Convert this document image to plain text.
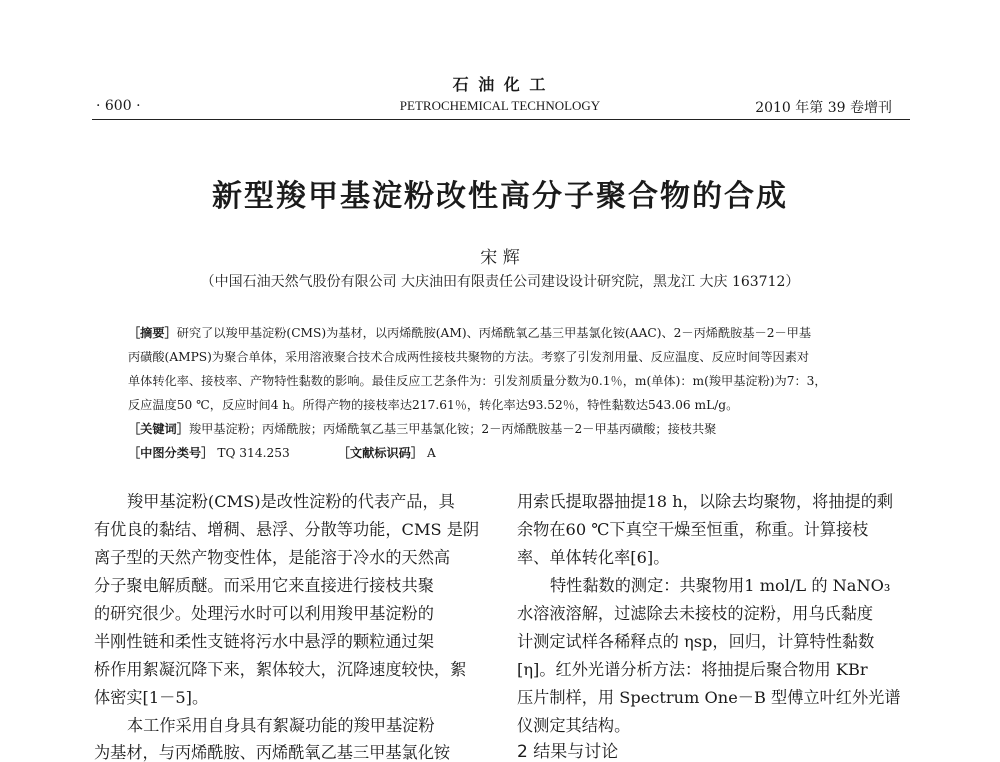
石 油 化 工

· 600 ·	PETROCHEMICAL TECHNOLOGY	2010 年第 39 卷增刊

新型羧甲基淀粉改性高分子聚合物的合成

宋 辉

（中国石油天然气股份有限公司 大庆油田有限责任公司建设设计研究院，黑龙江 大庆 163712）

［摘要］研究了以羧甲基淀粉(CMS)为基材，以丙烯酰胺(AM)、丙烯酰氧乙基三甲基氯化铵(AAC)、2－丙烯酰胺基－2－甲基
丙磺酸(AMPS)为聚合单体，采用溶液聚合技术合成两性接枝共聚物的方法。考察了引发剂用量、反应温度、反应时间等因素对
单体转化率、接枝率、产物特性黏数的影响。最佳反应工艺条件为：引发剂质量分数为0.1％，m(单体)：m(羧甲基淀粉)为7：3，
反应温度50 ℃，反应时间4 h。所得产物的接枝率达217.61％，转化率达93.52％，特性黏数达543.06 mL/g。
［关键词］羧甲基淀粉；丙烯酰胺；丙烯酰氧乙基三甲基氯化铵；2－丙烯酰胺基－2－甲基丙磺酸；接枝共聚
［中图分类号］ TQ 314.253	［文献标识码］ A
羧甲基淀粉(CMS)是改性淀粉的代表产品，具
有优良的黏结、增稠、悬浮、分散等功能，CMS 是阴
离子型的天然产物变性体，是能溶于冷水的天然高
分子聚电解质醚。而采用它来直接进行接枝共聚
的研究很少。处理污水时可以利用羧甲基淀粉的
半刚性链和柔性支链将污水中悬浮的颗粒通过架
桥作用絮凝沉降下来，絮体较大，沉降速度较快，絮
体密实[1－5]。
本工作采用自身具有絮凝功能的羧甲基淀粉
为基材，与丙烯酰胺、丙烯酰氧乙基三甲基氯化铵
用索氏提取器抽提18 h，以除去均聚物，将抽提的剩
余物在60 ℃下真空干燥至恒重，称重。计算接枝
率、单体转化率[6]。
特性黏数的测定：共聚物用1 mol/L 的 NaNO₃
水溶液溶解，过滤除去未接枝的淀粉，用乌氏黏度
计测定试样各稀释点的 ηsp，回归，计算特性黏数
[η]。红外光谱分析方法：将抽提后聚合物用 KBr
压片制样，用 Spectrum One－B 型傅立叶红外光谱
仪测定其结构。
2 结果与讨论
